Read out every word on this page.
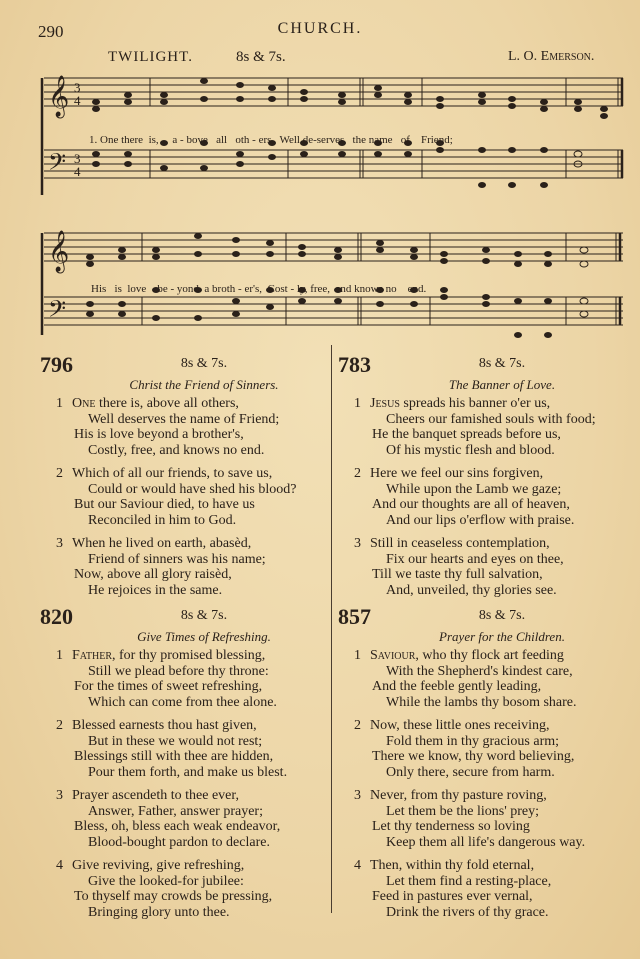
290	CHURCH.
TWILIGHT.	8s & 7s.	L. O. Emerson.
𝄞
𝄢
3
4
3
4

1. One there is, a - bove all oth - ers, Well de-serves the name of Friend;

𝄞
𝄢

His is love be - yond a broth - er's, Cost - ly, free, and knows no end.

796	8s & 7s.
Christ the Friend of Sinners.
1 One there is, above all others,
Well deserves the name of Friend;
His is love beyond a brother's,
Costly, free, and knows no end.
2 Which of all our friends, to save us,
Could or would have shed his blood?
But our Saviour died, to have us
Reconciled in him to God.
3 When he lived on earth, abasèd,
Friend of sinners was his name;
Now, above all glory raisèd,
He rejoices in the same.
783	8s & 7s.
The Banner of Love.
1 Jesus spreads his banner o'er us,
Cheers our famished souls with food;
He the banquet spreads before us,
Of his mystic flesh and blood.
2 Here we feel our sins forgiven,
While upon the Lamb we gaze;
And our thoughts are all of heaven,
And our lips o'erflow with praise.
3 Still in ceaseless contemplation,
Fix our hearts and eyes on thee,
Till we taste thy full salvation,
And, unveiled, thy glories see.
820	8s & 7s.
Give Times of Refreshing.
1 Father, for thy promised blessing,
Still we plead before thy throne:
For the times of sweet refreshing,
Which can come from thee alone.
2 Blessed earnests thou hast given,
But in these we would not rest;
Blessings still with thee are hidden,
Pour them forth, and make us blest.
3 Prayer ascendeth to thee ever,
Answer, Father, answer prayer;
Bless, oh, bless each weak endeavor,
Blood-bought pardon to declare.
4 Give reviving, give refreshing,
Give the looked-for jubilee:
To thyself may crowds be pressing,
Bringing glory unto thee.
857	8s & 7s.
Prayer for the Children.
1 Saviour, who thy flock art feeding
With the Shepherd's kindest care,
And the feeble gently leading,
While the lambs thy bosom share.
2 Now, these little ones receiving,
Fold them in thy gracious arm;
There we know, thy word believing,
Only there, secure from harm.
3 Never, from thy pasture roving,
Let them be the lions' prey;
Let thy tenderness so loving
Keep them all life's dangerous way.
4 Then, within thy fold eternal,
Let them find a resting-place,
Feed in pastures ever vernal,
Drink the rivers of thy grace.
